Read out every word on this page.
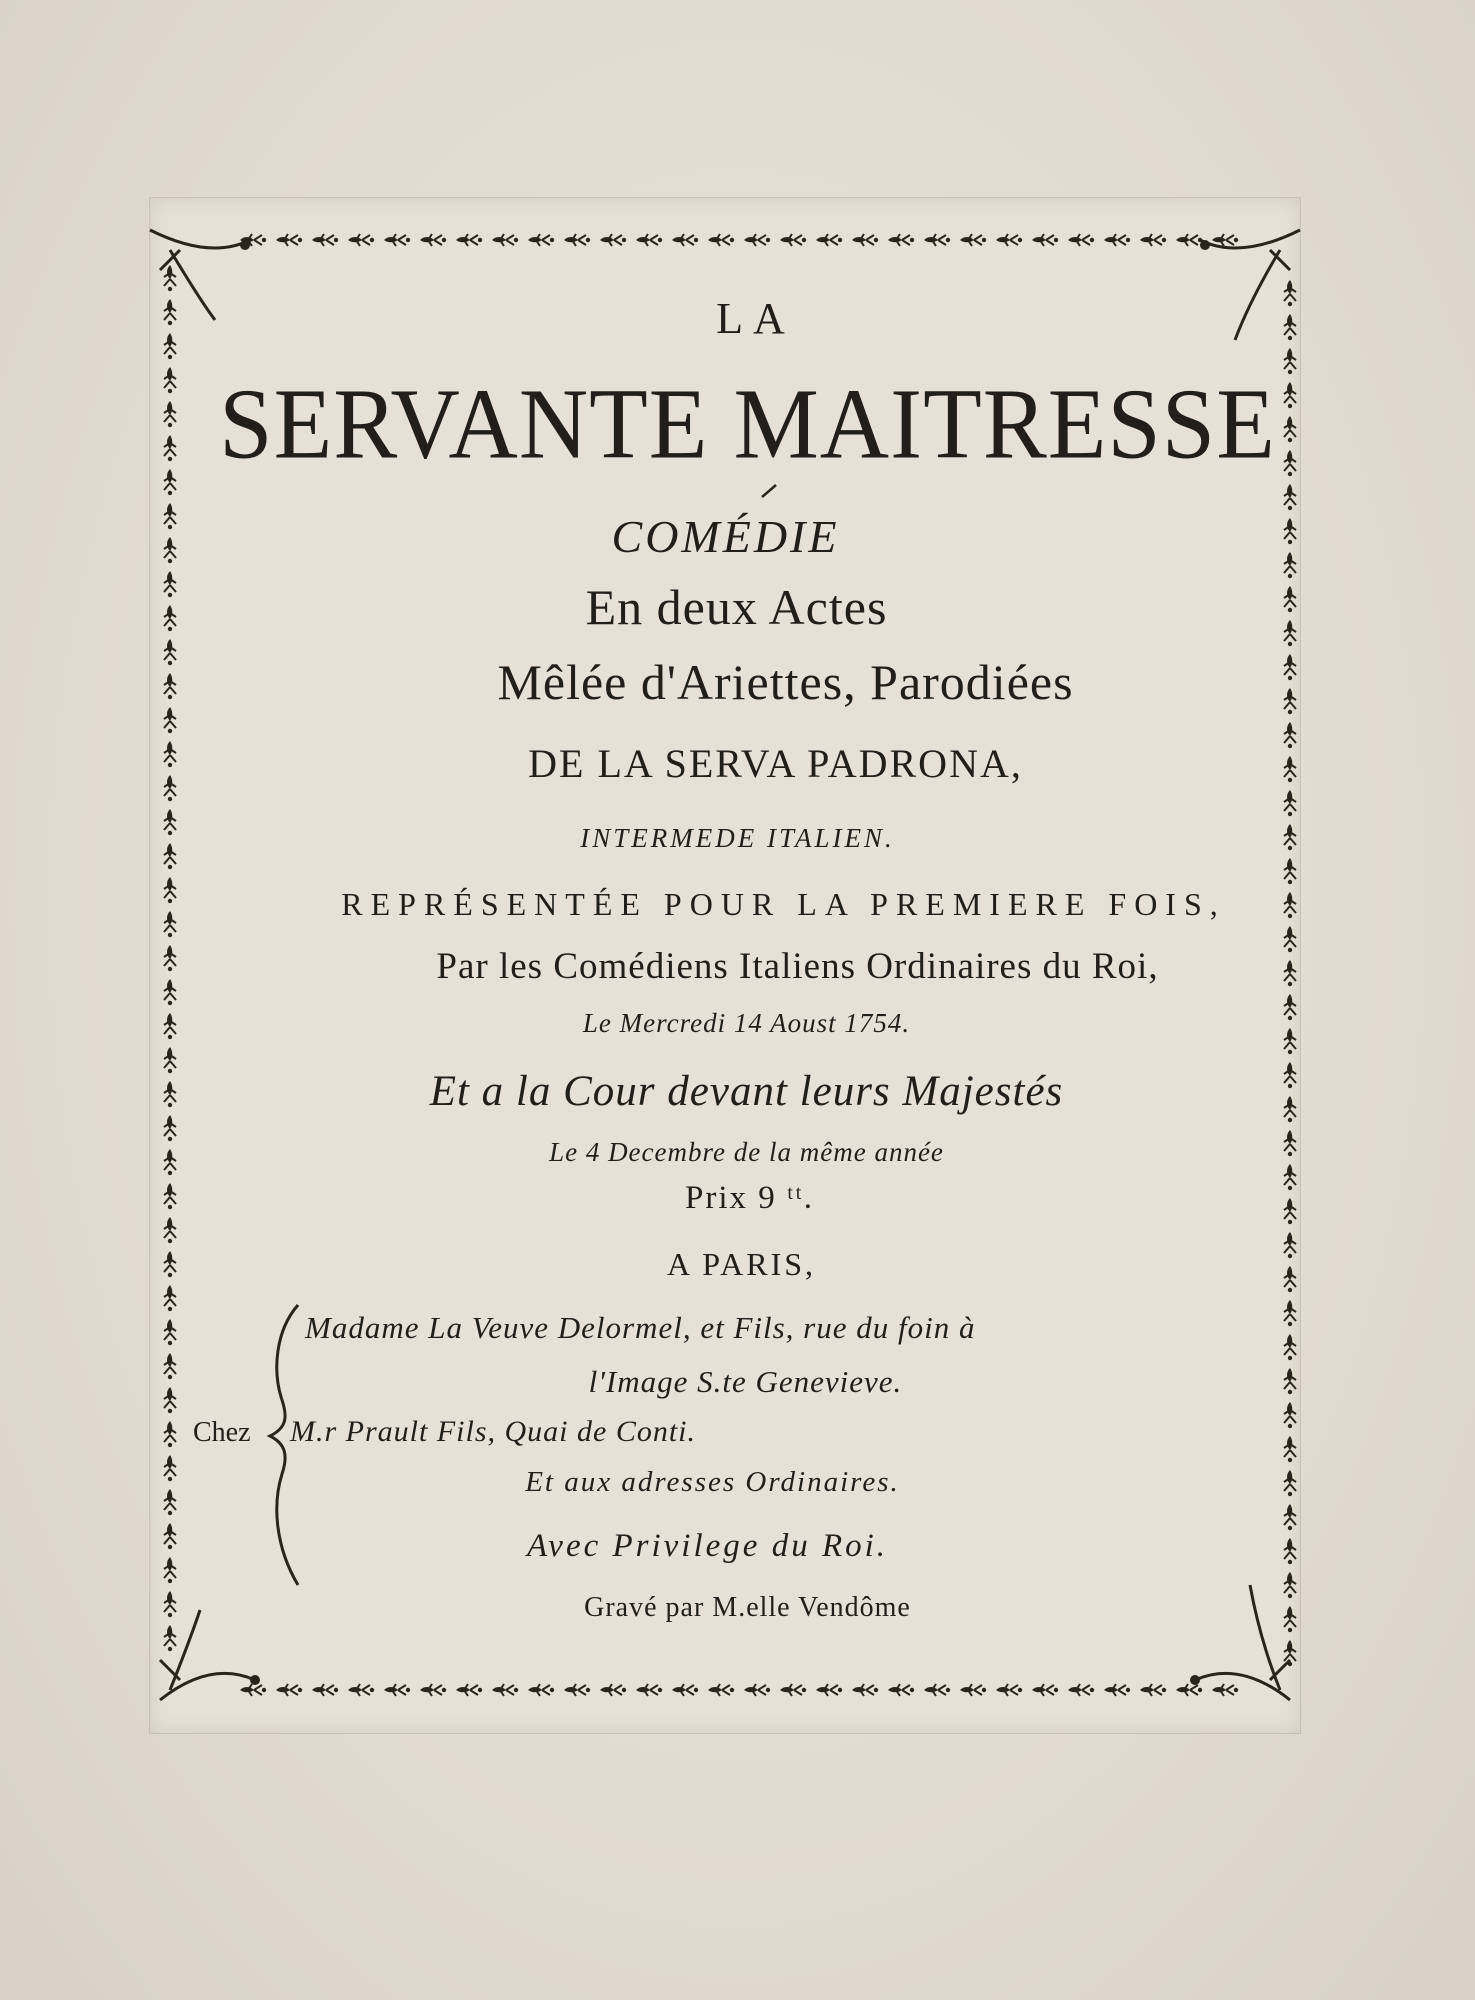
LA
SERVANTE MAITRESSE
COMÉDIE
En deux Actes
Mêlée d'Ariettes, Parodiées
DE LA SERVA PADRONA,
INTERMEDE ITALIEN.
REPRÉSENTÉE POUR LA PREMIERE FOIS,
Par les Comédiens Italiens Ordinaires du Roi,
Le Mercredi 14 Aoust 1754.
Et a la Cour devant leurs Majestés
Le 4 Decembre de la même année
Prix 9 ᵗᵗ.
A PARIS,
Chez
Madame La Veuve Delormel, et Fils, rue du foin à
l'Image S.te Genevieve.
M.r Prault Fils, Quai de Conti.
Et aux adresses Ordinaires.
Avec Privilege du Roi.
Gravé par M.elle Vendôme
